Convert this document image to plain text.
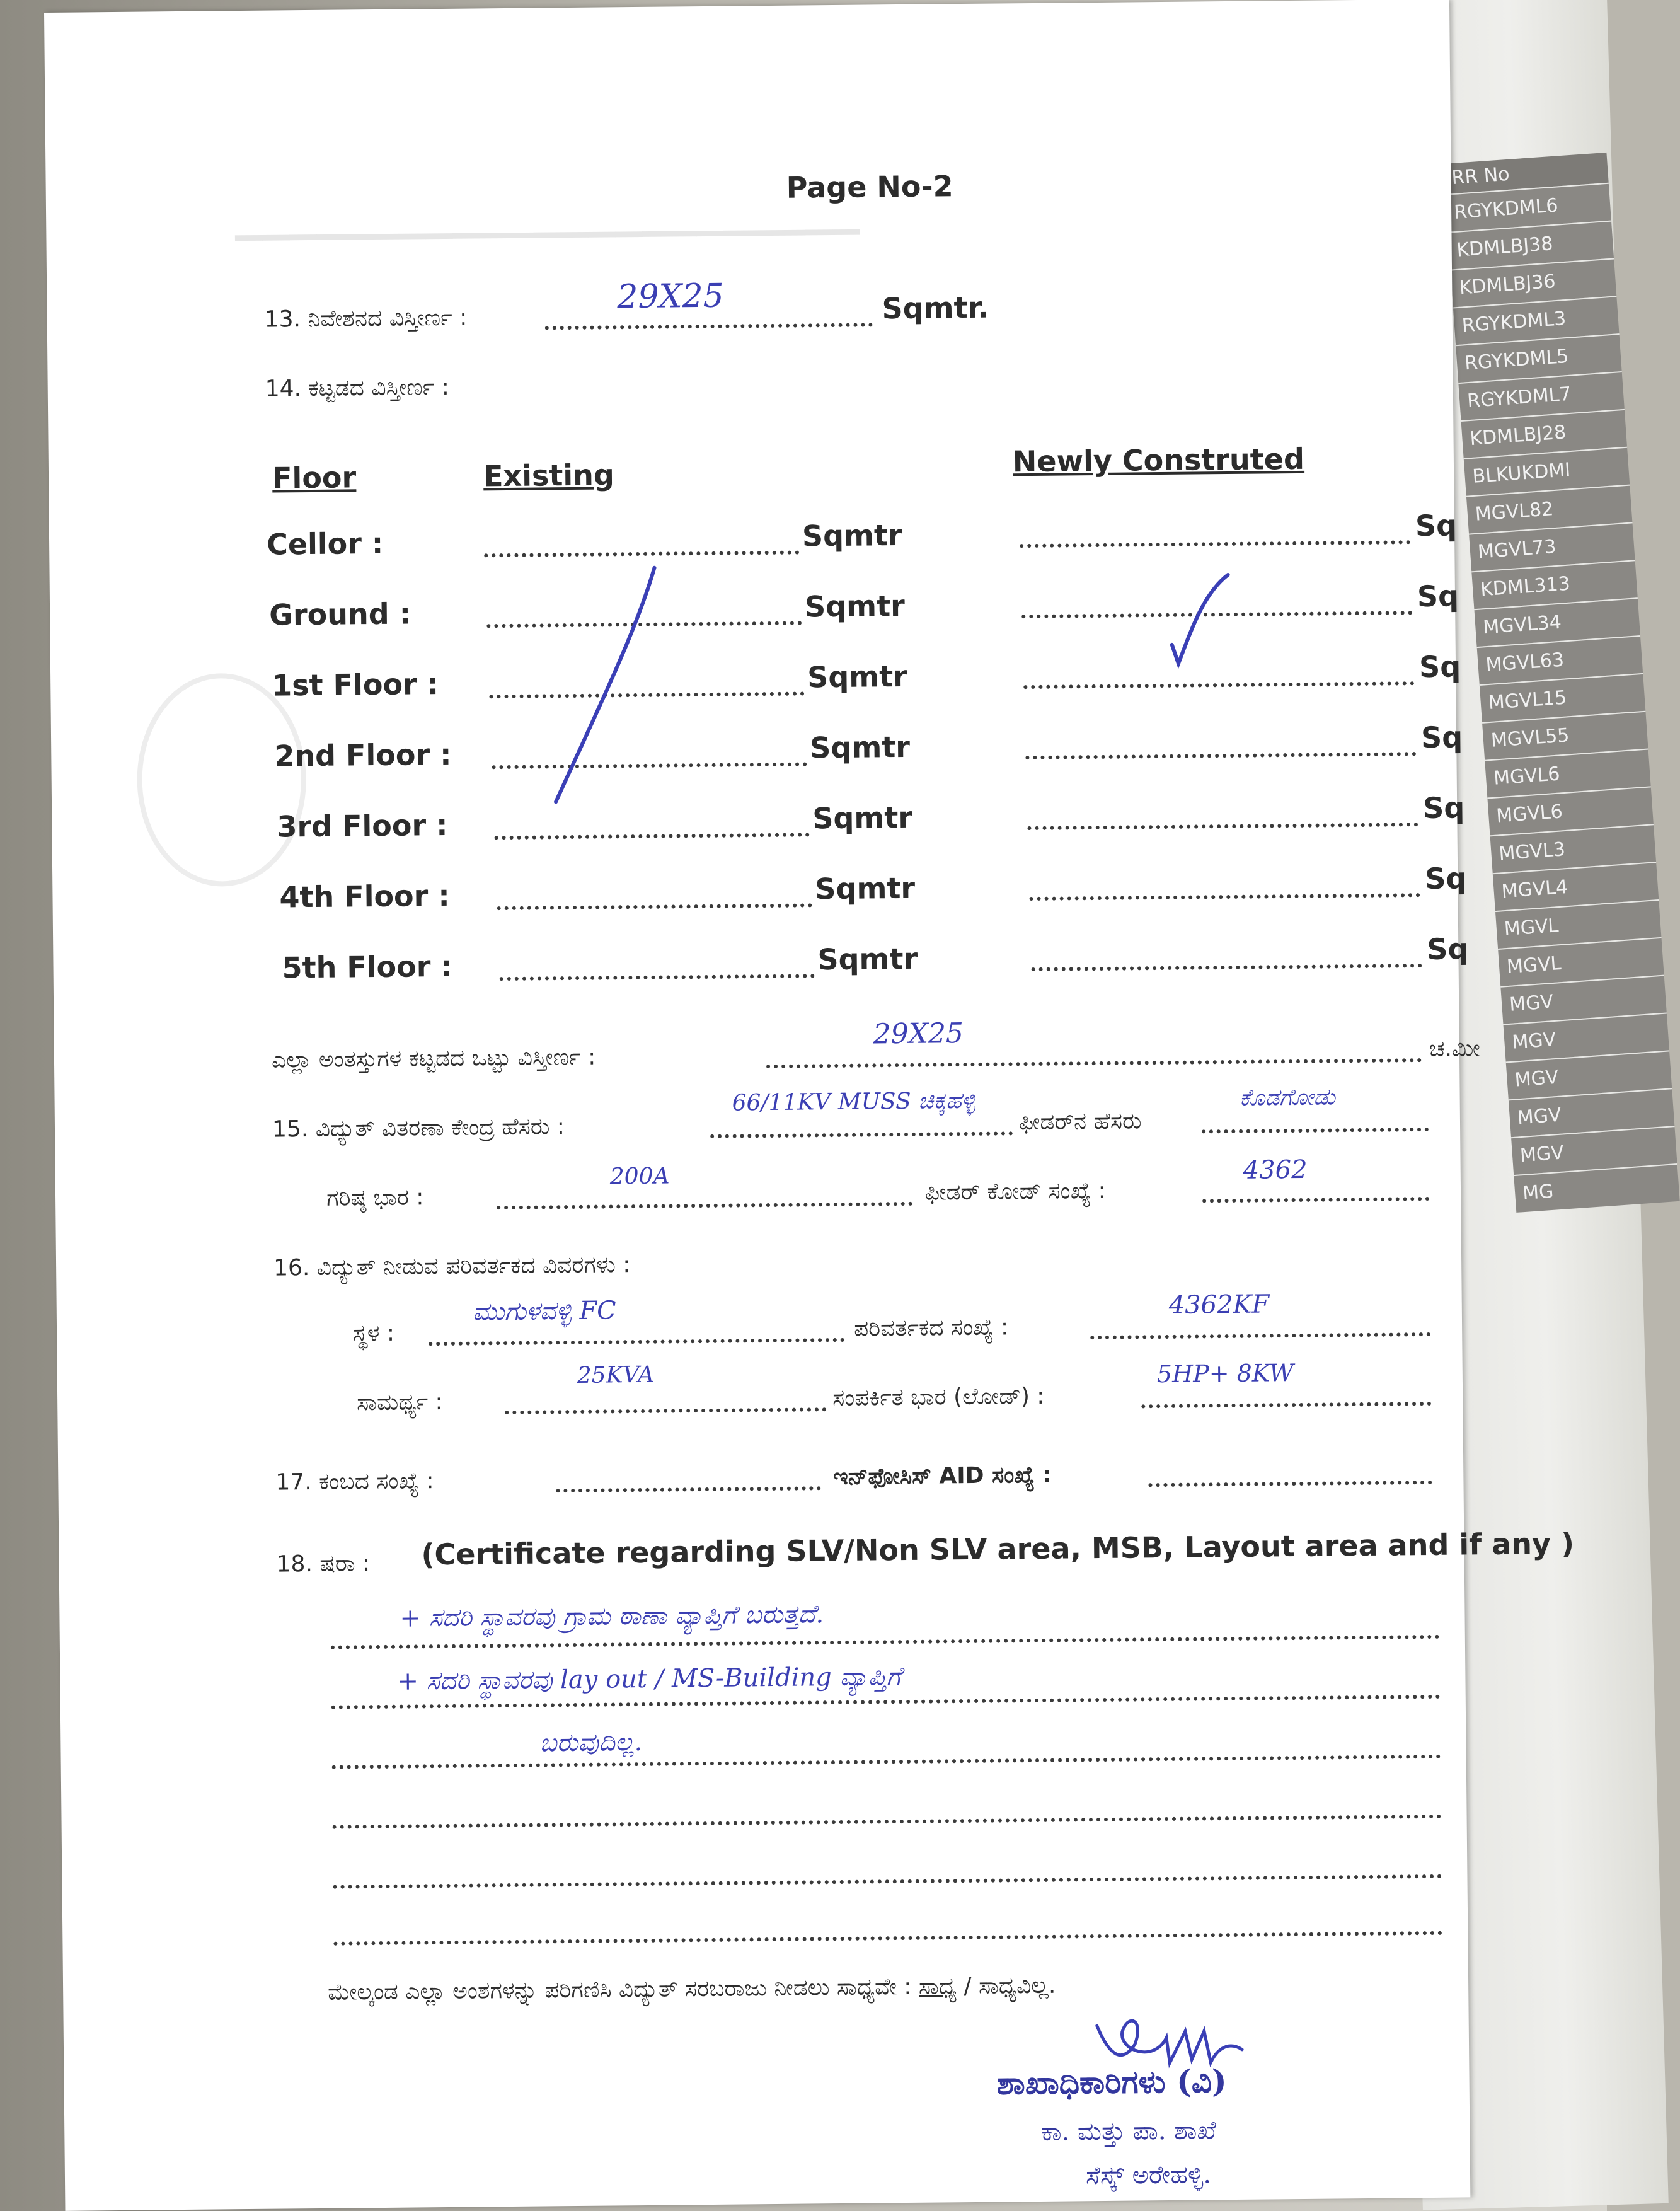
RR No
RGYKDML6
KDMLBJ38
KDMLBJ36
RGYKDML3
RGYKDML5
RGYKDML7
KDMLBJ28
BLKUKDMI
MGVL82
MGVL73
KDML313
MGVL34
MGVL63
MGVL15
MGVL55
MGVL6
MGVL6
MGVL3
MGVL4
MGVL
MGVL
MGV
MGV
MGV
MGV
MGV
MG
▁▁▁▁▁▁▁▁▁▁▁▁▁▁▁▁▁▁▁▁▁▁▁
Page No-2
13. ನಿವೇಶನದ ವಿಸ್ತೀರ್ಣ :
29X25	Sqmtr.
14. ಕಟ್ಟಡದ ವಿಸ್ತೀರ್ಣ :
Floor	Existing	Newly Construted
Cellor :	Sqmtr	Sq
Ground :	Sqmtr	Sq
1st Floor :	Sqmtr	Sq
2nd Floor :	Sqmtr	Sq
3rd Floor :	Sqmtr	Sq
4th Floor :	Sqmtr	Sq
5th Floor :	Sqmtr	Sq
ಎಲ್ಲಾ ಅಂತಸ್ತುಗಳ ಕಟ್ಟಡದ ಒಟ್ಟು ವಿಸ್ತೀರ್ಣ :
29X25	ಚ.ಮೀ
15. ವಿದ್ಯುತ್ ವಿತರಣಾ ಕೇಂದ್ರ ಹೆಸರು :
66/11KV MUSS ಚಿಕ್ಕಹಳ್ಳಿ
ಫೀಡರ್‌ನ ಹೆಸರು
ಕೊಡಗೋಡು
ಗರಿಷ್ಠ ಭಾರ :
200A
ಫೀಡರ್ ಕೋಡ್ ಸಂಖ್ಯೆ :
4362
16. ವಿದ್ಯುತ್ ನೀಡುವ ಪರಿವರ್ತಕದ ವಿವರಗಳು :
ಸ್ಥಳ :
ಮುಗುಳವಳ್ಳಿ FC
ಪರಿವರ್ತಕದ ಸಂಖ್ಯೆ :
4362KF
ಸಾಮರ್ಥ್ಯ :
25KVA
ಸಂಪರ್ಕಿತ ಭಾರ (ಲೋಡ್) :
5HP+ 8KW
17. ಕಂಬದ ಸಂಖ್ಯೆ :	ಇನ್‌ಫೋಸಿಸ್ AID ಸಂಖ್ಯೆ :
18. ಷರಾ : (Certificate regarding SLV/Non SLV area, MSB, Layout area and if any )
+ ಸದರಿ ಸ್ಥಾವರವು ಗ್ರಾಮ ಠಾಣಾ ವ್ಯಾಪ್ತಿಗೆ ಬರುತ್ತದೆ.
+ ಸದರಿ ಸ್ಥಾವರವು lay out / MS-Building ವ್ಯಾಪ್ತಿಗೆ
ಬರುವುದಿಲ್ಲ.
ಮೇಲ್ಕಂಡ ಎಲ್ಲಾ ಅಂಶಗಳನ್ನು ಪರಿಗಣಿಸಿ ವಿದ್ಯುತ್ ಸರಬರಾಜು ನೀಡಲು ಸಾಧ್ಯವೇ : ಸಾಧ್ಯ / ಸಾಧ್ಯವಿಲ್ಲ.
ಶಾಖಾಧಿಕಾರಿಗಳು (ವಿ)
ಕಾ. ಮತ್ತು ಪಾ. ಶಾಖೆ
ಸೆಸ್ಕ್ ಅರೇಹಳ್ಳಿ.
